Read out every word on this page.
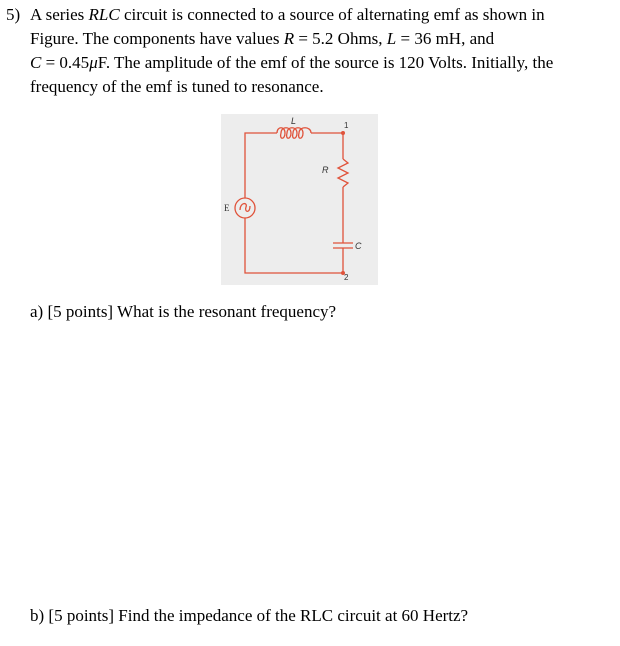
5) A series RLC circuit is connected to a source of alternating emf as shown in
Figure. The components have values R = 5.2 Ohms, L = 36 mH, and
C = 0.45μF. The amplitude of the emf of the source is 120 Volts. Initially, the
frequency of the emf is tuned to resonance.
L
R
C
E
1
2
a) [5 points] What is the resonant frequency?
b) [5 points] Find the impedance of the RLC circuit at 60 Hertz?
